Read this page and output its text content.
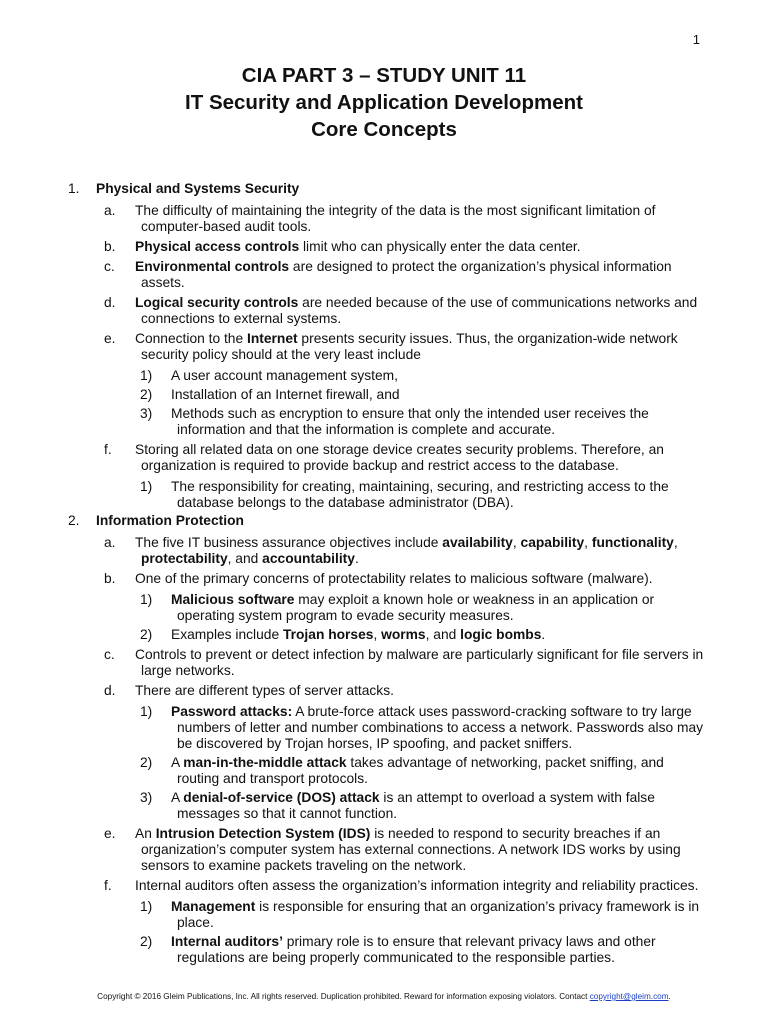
1
CIA PART 3 – STUDY UNIT 11
IT Security and Application Development
Core Concepts
1. Physical and Systems Security
a. The difficulty of maintaining the integrity of the data is the most significant limitation of computer-based audit tools.
b. Physical access controls limit who can physically enter the data center.
c. Environmental controls are designed to protect the organization’s physical information assets.
d. Logical security controls are needed because of the use of communications networks and connections to external systems.
e. Connection to the Internet presents security issues. Thus, the organization-wide network security policy should at the very least include
1) A user account management system,
2) Installation of an Internet firewall, and
3) Methods such as encryption to ensure that only the intended user receives the information and that the information is complete and accurate.
f. Storing all related data on one storage device creates security problems. Therefore, an organization is required to provide backup and restrict access to the database.
1) The responsibility for creating, maintaining, securing, and restricting access to the database belongs to the database administrator (DBA).
2. Information Protection
a. The five IT business assurance objectives include availability, capability, functionality, protectability, and accountability.
b. One of the primary concerns of protectability relates to malicious software (malware).
1) Malicious software may exploit a known hole or weakness in an application or operating system program to evade security measures.
2) Examples include Trojan horses, worms, and logic bombs.
c. Controls to prevent or detect infection by malware are particularly significant for file servers in large networks.
d. There are different types of server attacks.
1) Password attacks: A brute-force attack uses password-cracking software to try large numbers of letter and number combinations to access a network. Passwords also may be discovered by Trojan horses, IP spoofing, and packet sniffers.
2) A man-in-the-middle attack takes advantage of networking, packet sniffing, and routing and transport protocols.
3) A denial-of-service (DOS) attack is an attempt to overload a system with false messages so that it cannot function.
e. An Intrusion Detection System (IDS) is needed to respond to security breaches if an organization’s computer system has external connections. A network IDS works by using sensors to examine packets traveling on the network.
f. Internal auditors often assess the organization’s information integrity and reliability practices.
1) Management is responsible for ensuring that an organization’s privacy framework is in place.
2) Internal auditors’ primary role is to ensure that relevant privacy laws and other regulations are being properly communicated to the responsible parties.
Copyright © 2016 Gleim Publications, Inc. All rights reserved. Duplication prohibited. Reward for information exposing violators. Contact copyright@gleim.com.
